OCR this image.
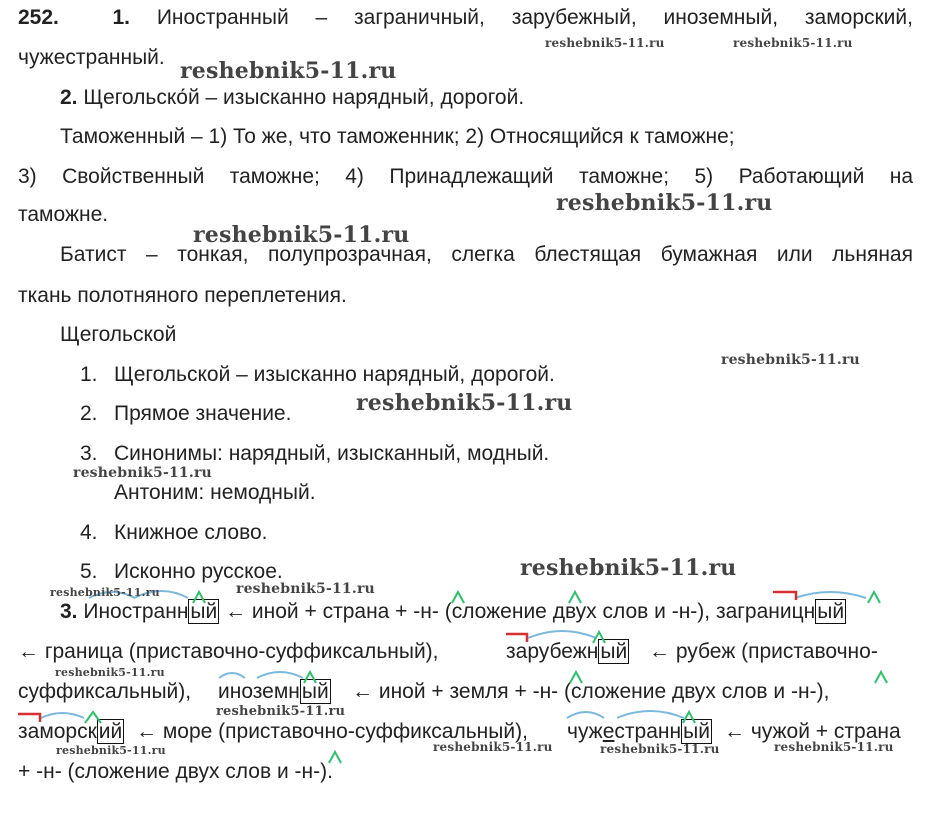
252.	1. Иностранный – заграничный, зарубежный, иноземный, заморский,
чужестранный.
2. Щегольско́й – изысканно нарядный, дорогой.
Таможенный – 1) То же, что таможенник; 2) Относящийся к таможне;
3) Свойственный таможне; 4) Принадлежащий таможне; 5) Работающий на
таможне.
Батист – тонкая, полупрозрачная, слегка блестящая бумажная или льняная
ткань полотняного переплетения.
Щегольской
1. Щегольской – изысканно нарядный, дорогой.
2. Прямое значение.
3. Синонимы: нарядный, изысканный, модный.
Антоним: немодный.
4. Книжное слово.
5. Исконно русское.
3. Иностранный ← иной + страна + -н- (сложение двух слов и -н-), заграницный
← граница (приставочно-суффиксальный),	зарубежный ← рубеж (приставочно-
суффиксальный), иноземный ← иной + земля + -н- (сложение двух слов и -н-),
заморский ← море (приставочно-суффиксальный), чужестранный ← чужой + страна
+ -н- (сложение двух слов и -н-).
reshebnik5-11.ru	reshebnik5-11.ru
reshebnik5-11.ru
reshebnik5-11.ru
reshebnik5-11.ru
reshebnik5-11.ru
reshebnik5-11.ru
reshebnik5-11.ru
reshebnik5-11.ru
reshebnik5-11.ru
reshebnik5-11.ru
reshebnik5-11.ru
reshebnik5-11.ru
reshebnik5-11.ru	reshebnik5-11.ru	reshebnik5-11.ru	reshebnik5-11.ru
